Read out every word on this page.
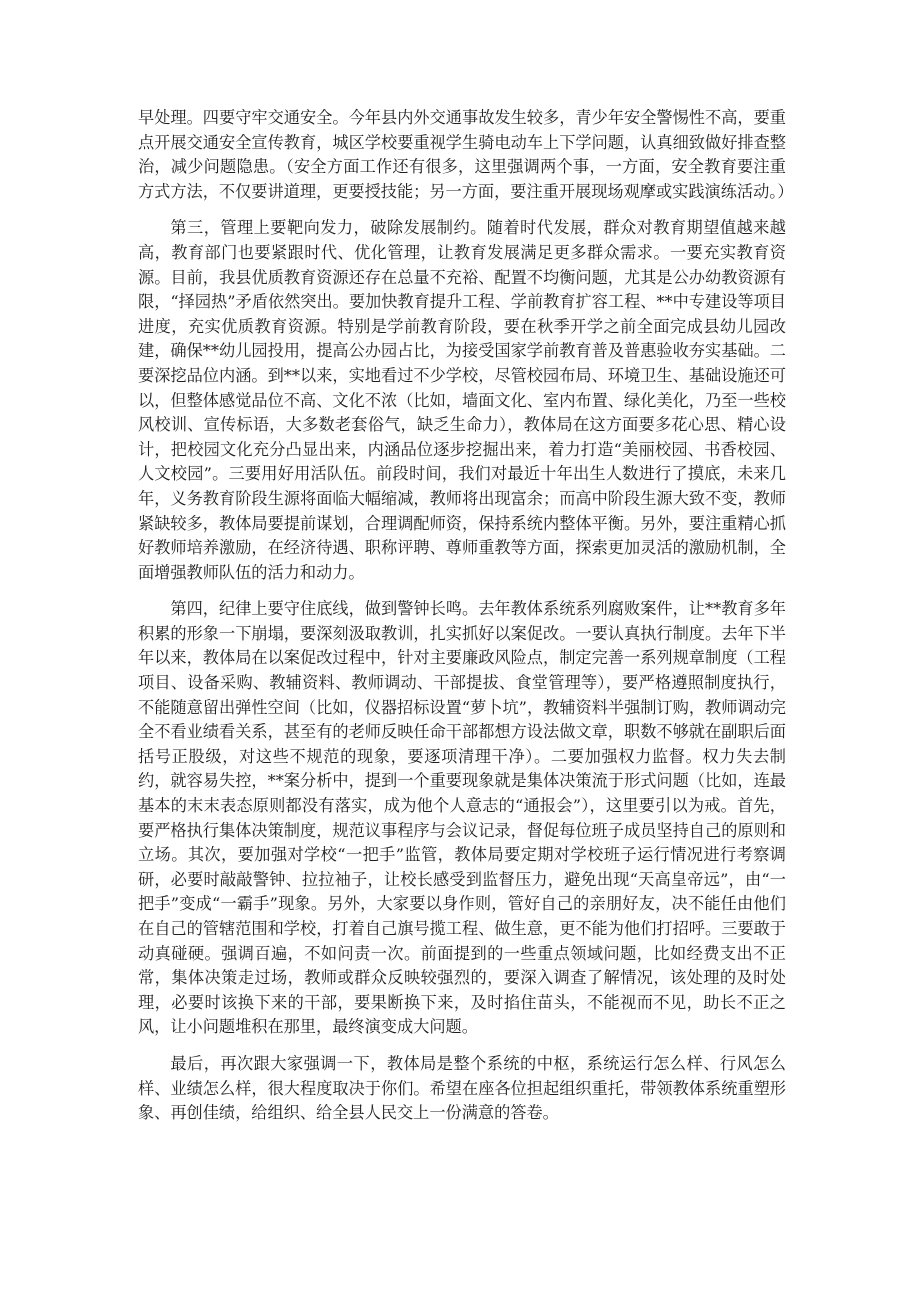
早处理。四要守牢交通安全。今年县内外交通事故发生较多，青少年安全警惕性不高，要重点开展交通安全宣传教育，城区学校要重视学生骑电动车上下学问题，认真细致做好排查整治，减少问题隐患。（安全方面工作还有很多，这里强调两个事，一方面，安全教育要注重方式方法，不仅要讲道理，更要授技能；另一方面，要注重开展现场观摩或实践演练活动。）

第三，管理上要靶向发力，破除发展制约。随着时代发展，群众对教育期望值越来越高，教育部门也要紧跟时代、优化管理，让教育发展满足更多群众需求。一要充实教育资源。目前，我县优质教育资源还存在总量不充裕、配置不均衡问题，尤其是公办幼教资源有限，“择园热”矛盾依然突出。要加快教育提升工程、学前教育扩容工程、**中专建设等项目进度，充实优质教育资源。特别是学前教育阶段，要在秋季开学之前全面完成县幼儿园改建，确保**幼儿园投用，提高公办园占比，为接受国家学前教育普及普惠验收夯实基础。二要深挖品位内涵。到**以来，实地看过不少学校，尽管校园布局、环境卫生、基础设施还可以，但整体感觉品位不高、文化不浓（比如，墙面文化、室内布置、绿化美化，乃至一些校风校训、宣传标语，大多数老套俗气，缺乏生命力），教体局在这方面要多花心思、精心设计，把校园文化充分凸显出来，内涵品位逐步挖掘出来，着力打造“美丽校园、书香校园、人文校园”。三要用好用活队伍。前段时间，我们对最近十年出生人数进行了摸底，未来几年，义务教育阶段生源将面临大幅缩减，教师将出现富余；而高中阶段生源大致不变，教师紧缺较多，教体局要提前谋划，合理调配师资，保持系统内整体平衡。另外，要注重精心抓好教师培养激励，在经济待遇、职称评聘、尊师重教等方面，探索更加灵活的激励机制，全面增强教师队伍的活力和动力。

第四，纪律上要守住底线，做到警钟长鸣。去年教体系统系列腐败案件，让**教育多年积累的形象一下崩塌，要深刻汲取教训，扎实抓好以案促改。一要认真执行制度。去年下半年以来，教体局在以案促改过程中，针对主要廉政风险点，制定完善一系列规章制度（工程项目、设备采购、教辅资料、教师调动、干部提拔、食堂管理等），要严格遵照制度执行，不能随意留出弹性空间（比如，仪器招标设置“萝卜坑”，教辅资料半强制订购，教师调动完全不看业绩看关系，甚至有的老师反映任命干部都想方设法做文章，职数不够就在副职后面括号正股级，对这些不规范的现象，要逐项清理干净）。二要加强权力监督。权力失去制约，就容易失控，**案分析中，提到一个重要现象就是集体决策流于形式问题（比如，连最基本的末末表态原则都没有落实，成为他个人意志的“通报会”），这里要引以为戒。首先，要严格执行集体决策制度，规范议事程序与会议记录，督促每位班子成员坚持自己的原则和立场。其次，要加强对学校“一把手”监管，教体局要定期对学校班子运行情况进行考察调研，必要时敲敲警钟、拉拉袖子，让校长感受到监督压力，避免出现“天高皇帝远”，由“一把手”变成“一霸手”现象。另外，大家要以身作则，管好自己的亲朋好友，决不能任由他们在自己的管辖范围和学校，打着自己旗号揽工程、做生意，更不能为他们打招呼。三要敢于动真碰硬。强调百遍，不如问责一次。前面提到的一些重点领域问题，比如经费支出不正常，集体决策走过场，教师或群众反映较强烈的，要深入调查了解情况，该处理的及时处理，必要时该换下来的干部，要果断换下来，及时掐住苗头，不能视而不见，助长不正之风，让小问题堆积在那里，最终演变成大问题。

最后，再次跟大家强调一下，教体局是整个系统的中枢，系统运行怎么样、行风怎么样、业绩怎么样，很大程度取决于你们。希望在座各位担起组织重托，带领教体系统重塑形象、再创佳绩，给组织、给全县人民交上一份满意的答卷。
